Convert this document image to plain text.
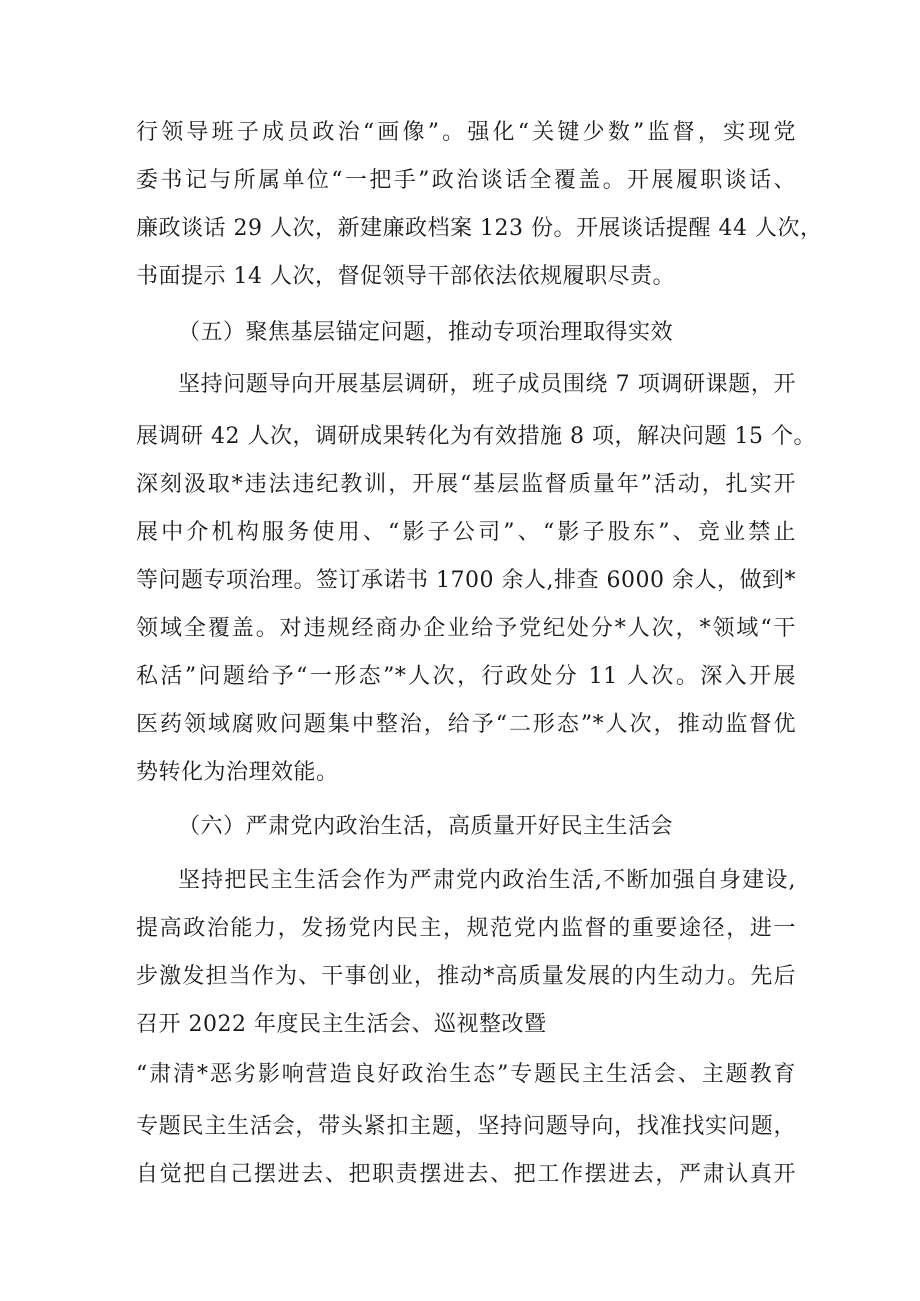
行领导班子成员政治“画像”。强化“关键少数”监督，实现党
委书记与所属单位“一把手”政治谈话全覆盖。开展履职谈话、
廉政谈话 29 人次，新建廉政档案 123 份。开展谈话提醒 44 人次，
书面提示 14 人次，督促领导干部依法依规履职尽责。
（五）聚焦基层锚定问题，推动专项治理取得实效
坚持问题导向开展基层调研，班子成员围绕 7 项调研课题，开
展调研 42 人次，调研成果转化为有效措施 8 项，解决问题 15 个。
深刻汲取*违法违纪教训，开展“基层监督质量年”活动，扎实开
展中介机构服务使用、“影子公司”、“影子股东”、竞业禁止
等问题专项治理。签订承诺书 1700 余人,排查 6000 余人，做到*
领域全覆盖。对违规经商办企业给予党纪处分*人次，*领域“干
私活”问题给予“一形态”*人次，行政处分 11 人次。深入开展
医药领域腐败问题集中整治，给予“二形态”*人次，推动监督优
势转化为治理效能。
（六）严肃党内政治生活，高质量开好民主生活会
坚持把民主生活会作为严肃党内政治生活,不断加强自身建设,
提高政治能力，发扬党内民主，规范党内监督的重要途径，进一
步激发担当作为、干事创业，推动*高质量发展的内生动力。先后
召开 2022 年度民主生活会、巡视整改暨
“肃清*恶劣影响营造良好政治生态”专题民主生活会、主题教育
专题民主生活会，带头紧扣主题，坚持问题导向，找准找实问题，
自觉把自己摆进去、把职责摆进去、把工作摆进去，严肃认真开
